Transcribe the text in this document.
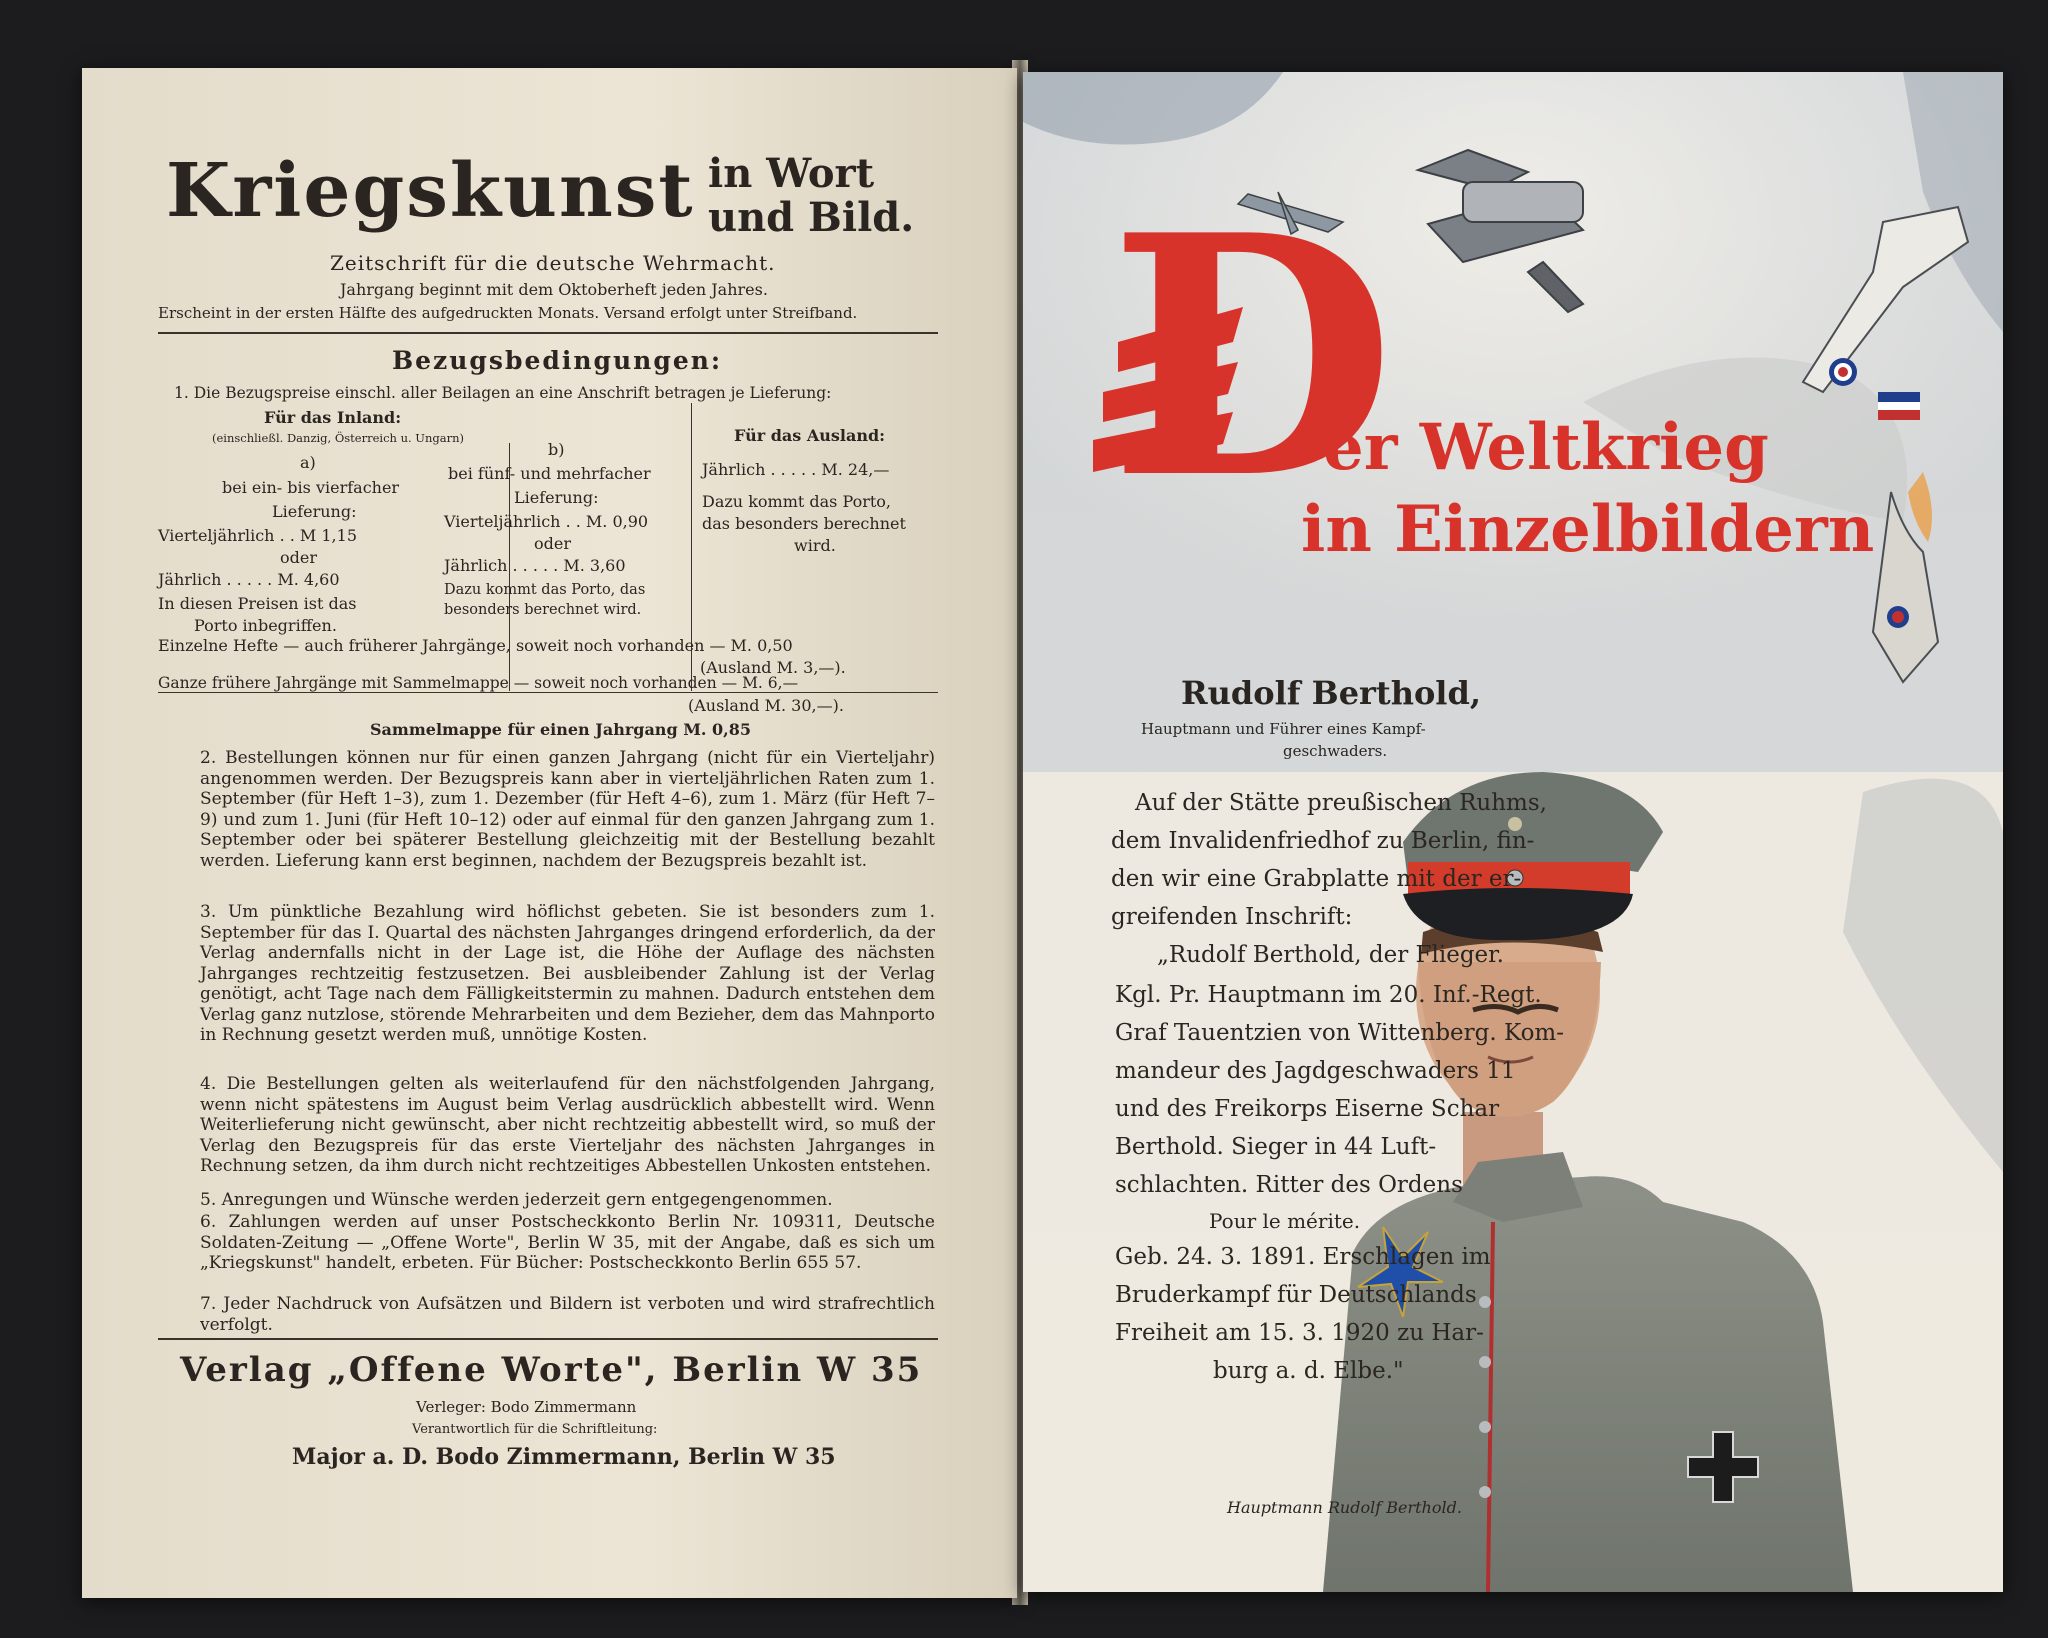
Kriegskunst in Wort
und Bild.
Zeitschrift für die deutsche Wehrmacht.
Jahrgang beginnt mit dem Oktoberheft jeden Jahres.
Erscheint in der ersten Hälfte des aufgedruckten Monats. Versand erfolgt unter Streifband.
Bezugsbedingungen:
1. Die Bezugspreise einschl. aller Beilagen an eine Anschrift betragen je Lieferung:
Für das Inland:
(einschließl. Danzig, Österreich u. Ungarn)
a)
bei ein- bis vierfacher
Lieferung:
Vierteljährlich . . M 1,15
oder
Jährlich . . . . . M. 4,60
In diesen Preisen ist das
Porto inbegriffen.
b)
bei fünf- und mehrfacher
Lieferung:
Vierteljährlich . . M. 0,90
oder
Jährlich . . . . . M. 3,60
Dazu kommt das Porto, das
besonders berechnet wird.
Für das Ausland:
Jährlich . . . . . M. 24,—
Dazu kommt das Porto,
das besonders berechnet
wird.
Einzelne Hefte — auch früherer Jahrgänge, soweit noch vorhanden — M. 0,50
(Ausland M. 3,—).
Ganze frühere Jahrgänge mit Sammelmappe — soweit noch vorhanden — M. 6,—
(Ausland M. 30,—).
Sammelmappe für einen Jahrgang M. 0,85
2. Bestellungen können nur für einen ganzen Jahrgang (nicht für ein Vierteljahr) angenommen werden. Der Bezugspreis kann aber in vierteljährlichen Raten zum 1. September (für Heft 1–3), zum 1. Dezember (für Heft 4–6), zum 1. März (für Heft 7–9) und zum 1. Juni (für Heft 10–12) oder auf einmal für den ganzen Jahrgang zum 1. September oder bei späterer Bestellung gleichzeitig mit der Bestellung bezahlt werden. Lieferung kann erst beginnen, nachdem der Bezugspreis bezahlt ist.
3. Um pünktliche Bezahlung wird höflichst gebeten. Sie ist besonders zum 1. September für das I. Quartal des nächsten Jahrganges dringend erforderlich, da der Verlag andernfalls nicht in der Lage ist, die Höhe der Auflage des nächsten Jahrganges rechtzeitig festzusetzen. Bei ausbleibender Zahlung ist der Verlag genötigt, acht Tage nach dem Fälligkeitstermin zu mahnen. Dadurch entstehen dem Verlag ganz nutzlose, störende Mehrarbeiten und dem Bezieher, dem das Mahnporto in Rechnung gesetzt werden muß, unnötige Kosten.
4. Die Bestellungen gelten als weiterlaufend für den nächstfolgenden Jahrgang, wenn nicht spätestens im August beim Verlag ausdrücklich abbestellt wird. Wenn Weiterlieferung nicht gewünscht, aber nicht rechtzeitig abbestellt wird, so muß der Verlag den Bezugspreis für das erste Vierteljahr des nächsten Jahrganges in Rechnung setzen, da ihm durch nicht rechtzeitiges Abbestellen Unkosten entstehen.
5. Anregungen und Wünsche werden jederzeit gern entgegengenommen.
6. Zahlungen werden auf unser Postscheckkonto Berlin Nr. 109311, Deutsche Soldaten-Zeitung — „Offene Worte", Berlin W 35, mit der Angabe, daß es sich um „Kriegskunst" handelt, erbeten. Für Bücher: Postscheckkonto Berlin 655 57.
7. Jeder Nachdruck von Aufsätzen und Bildern ist verboten und wird strafrechtlich verfolgt.
Verlag „Offene Worte", Berlin W 35
Verleger: Bodo Zimmermann
Verantwortlich für die Schriftleitung:
Major a. D. Bodo Zimmermann, Berlin W 35
D
er Weltkrieg
in Einzelbildern
Rudolf Berthold,
Hauptmann und Führer eines Kampf-
geschwaders.
Auf der Stätte preußischen Ruhms,
dem Invalidenfriedhof zu Berlin, fin-
den wir eine Grabplatte mit der er-
greifenden Inschrift:
„Rudolf Berthold, der Flieger.
Kgl. Pr. Hauptmann im 20. Inf.-Regt.
Graf Tauentzien von Wittenberg. Kom-
mandeur des Jagdgeschwaders 11
und des Freikorps Eiserne Schar
Berthold. Sieger in 44 Luft-
schlachten. Ritter des Ordens
Pour le mérite.
Geb. 24. 3. 1891. Erschlagen im
Bruderkampf für Deutschlands
Freiheit am 15. 3. 1920 zu Har-
burg a. d. Elbe."
Hauptmann Rudolf Berthold.
